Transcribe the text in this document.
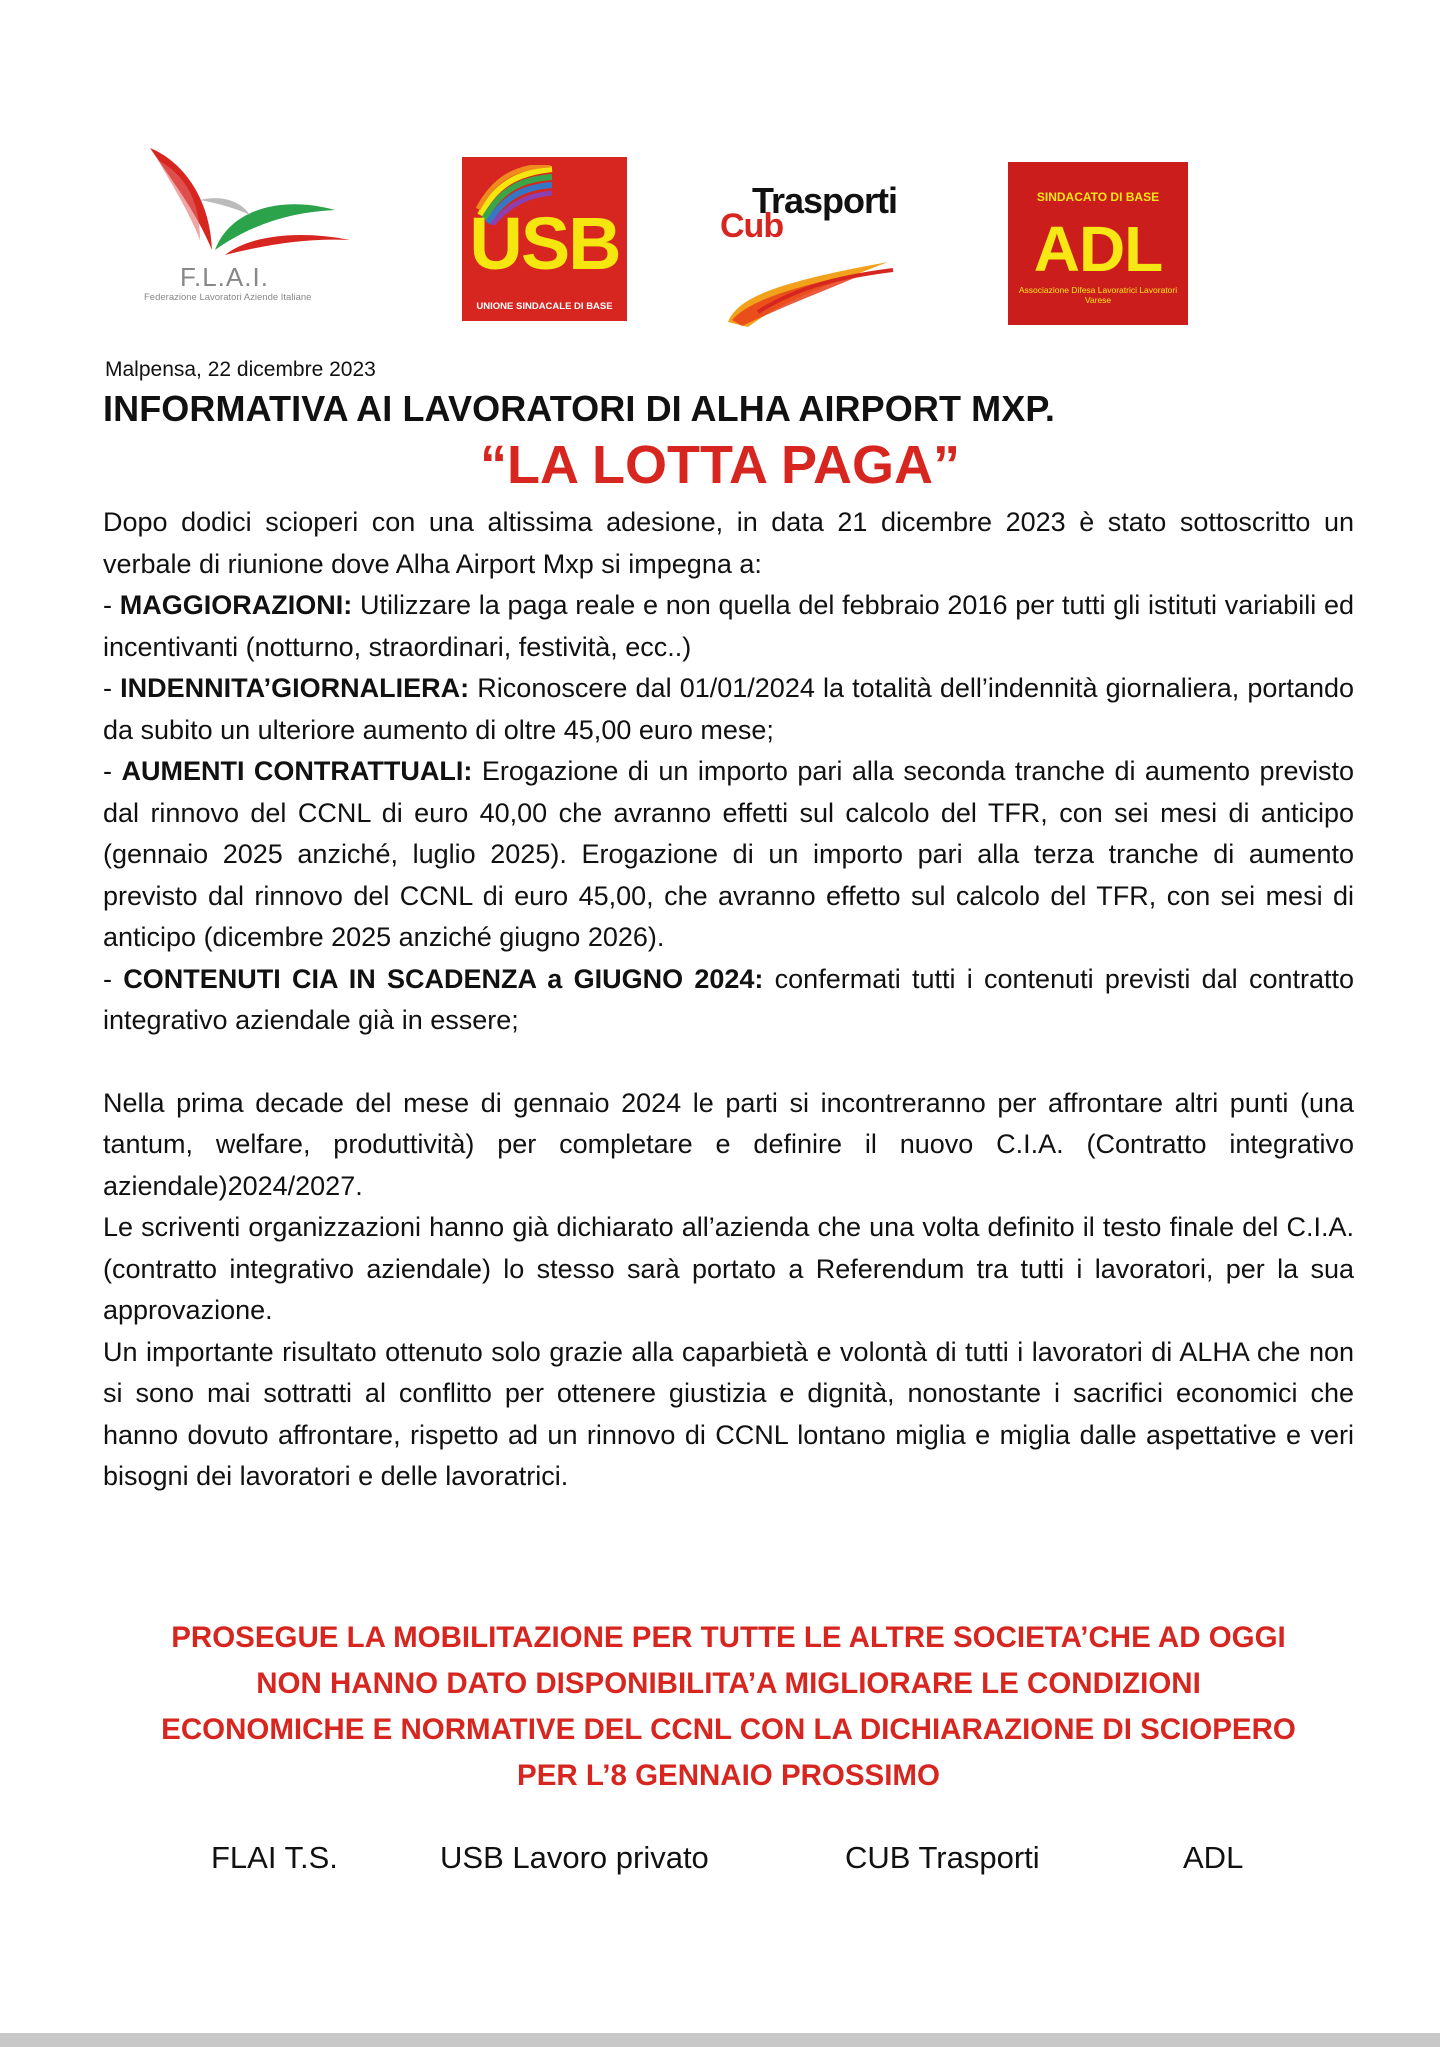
F.L.A.I.
Federazione Lavoratori Aziende Italiane
USB
UNIONE SINDACALE DI BASE
Trasporti
Cub
SINDACATO DI BASE
ADL
Associazione Difesa Lavoratrici Lavoratori Varese
Malpensa, 22 dicembre 2023
INFORMATIVA AI LAVORATORI DI ALHA AIRPORT MXP.
“LA LOTTA PAGA”

Dopo dodici scioperi con una altissima adesione, in data 21 dicembre 2023 è stato sottoscritto un verbale di riunione dove Alha Airport Mxp si impegna a:

- MAGGIORAZIONI: Utilizzare la paga reale e non quella del febbraio 2016 per tutti gli istituti variabili ed incentivanti (notturno, straordinari, festività, ecc..)

- INDENNITA’GIORNALIERA: Riconoscere dal 01/01/2024 la totalità dell’indennità giornaliera, portando da subito un ulteriore aumento di oltre 45,00 euro mese;

- AUMENTI CONTRATTUALI: Erogazione di un importo pari alla seconda tranche di aumento previsto dal rinnovo del CCNL di euro 40,00 che avranno effetti sul calcolo del TFR, con sei mesi di anticipo (gennaio 2025 anziché, luglio 2025). Erogazione di un importo pari alla terza tranche di aumento previsto dal rinnovo del CCNL di euro 45,00, che avranno effetto sul calcolo del TFR, con sei mesi di anticipo (dicembre 2025 anziché giugno 2026).

- CONTENUTI CIA IN SCADENZA a GIUGNO 2024: confermati tutti i contenuti previsti dal contratto integrativo aziendale già in essere;

Nella prima decade del mese di gennaio 2024 le parti si incontreranno per affrontare altri punti (una tantum, welfare, produttività) per completare e definire il nuovo C.I.A. (Contratto integrativo aziendale)2024/2027.

Le scriventi organizzazioni hanno già dichiarato all’azienda che una volta definito il testo finale del C.I.A. (contratto integrativo aziendale) lo stesso sarà portato a Referendum tra tutti i lavoratori, per la sua approvazione.

Un importante risultato ottenuto solo grazie alla caparbietà e volontà di tutti i lavoratori di ALHA che non si sono mai sottratti al conflitto per ottenere giustizia e dignità, nonostante i sacrifici economici che hanno dovuto affrontare, rispetto ad un rinnovo di CCNL lontano miglia e miglia dalle aspettative e veri bisogni dei lavoratori e delle lavoratrici.

PROSEGUE LA MOBILITAZIONE PER TUTTE LE ALTRE SOCIETA’CHE AD OGGI
NON HANNO DATO DISPONIBILITA’A MIGLIORARE LE CONDIZIONI
ECONOMICHE E NORMATIVE DEL CCNL CON LA DICHIARAZIONE DI SCIOPERO
PER L’8 GENNAIO PROSSIMO
FLAI T.S.	USB Lavoro privato	CUB Trasporti	ADL
